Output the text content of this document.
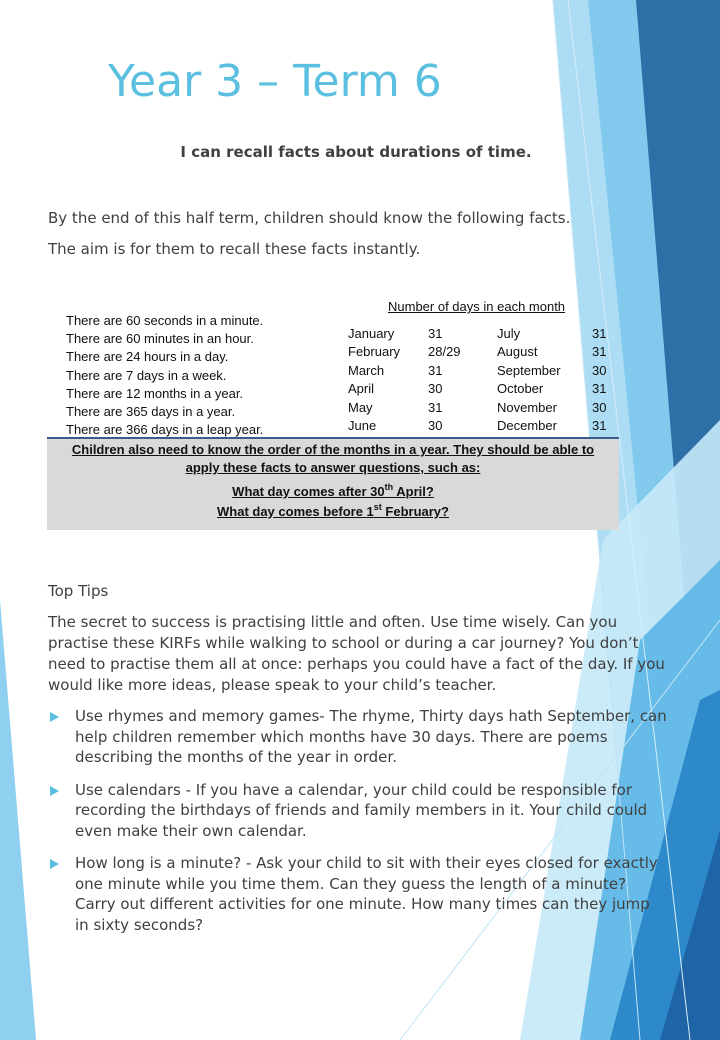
Year 3 – Term 6
I can recall facts about durations of time.
By the end of this half term, children should know the following facts.
The aim is for them to recall these facts instantly.
There are 60 seconds in a minute.
There are 60 minutes in an hour.
There are 24 hours in a day.
There are 7 days in a week.
There are 12 months in a year.
There are 365 days in a year.
There are 366 days in a leap year.
Number of days in each month
January	31	July	31
February	28/29	August	31
March	31	September	30
April	30	October	31
May	31	November	30
June	30	December	31
Children also need to know the order of the months in a year. They should be able to
apply these facts to answer questions, such as:
What day comes after 30th April?
What day comes before 1st February?
Top Tips
The secret to success is practising little and often. Use time wisely. Can you practise these KIRFs while walking to school or during a car journey? You don’t need to practise them all at once: perhaps you could have a fact of the day. If you would like more ideas, please speak to your child’s teacher.
Use rhymes and memory games- The rhyme, Thirty days hath September, can help children remember which months have 30 days. There are poems describing the months of the year in order.
Use calendars - If you have a calendar, your child could be responsible for recording the birthdays of friends and family members in it. Your child could even make their own calendar.
How long is a minute? - Ask your child to sit with their eyes closed for exactly one minute while you time them. Can they guess the length of a minute? Carry out different activities for one minute. How many times can they jump in sixty seconds?
